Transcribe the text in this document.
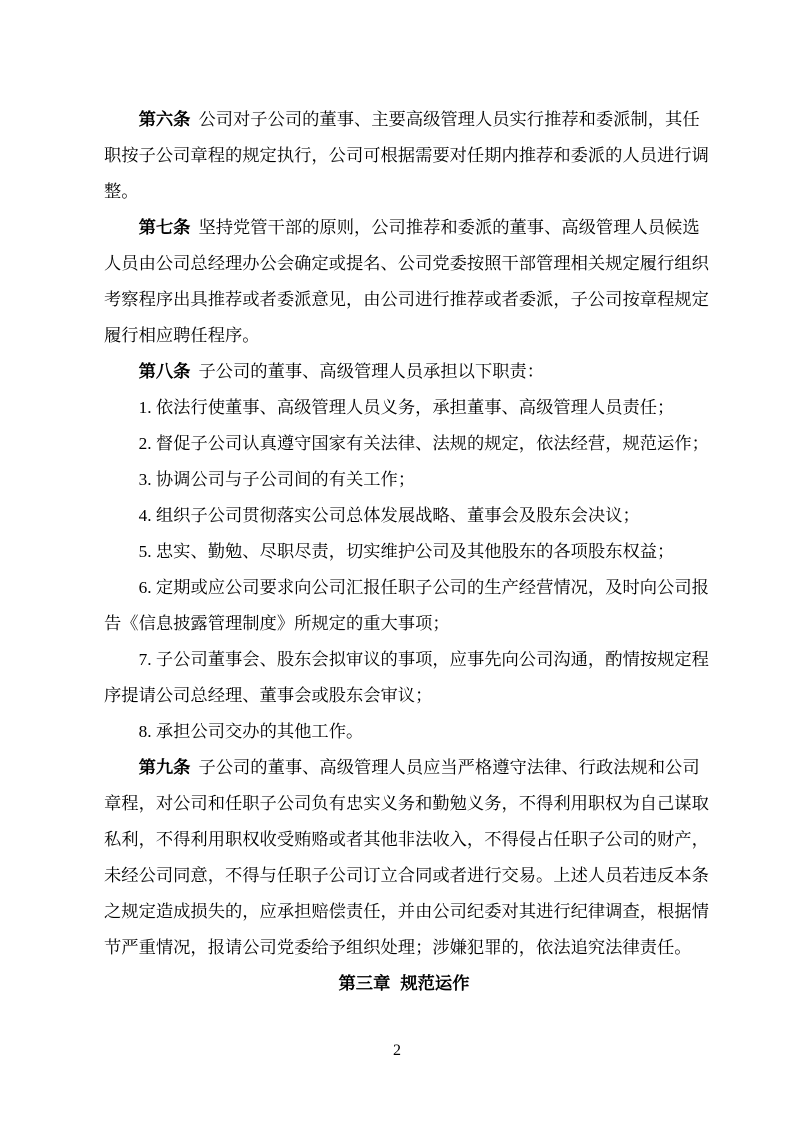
第六条 公司对子公司的董事、主要高级管理人员实行推荐和委派制，其任

职按子公司章程的规定执行，公司可根据需要对任期内推荐和委派的人员进行调

整。

第七条 坚持党管干部的原则，公司推荐和委派的董事、高级管理人员候选

人员由公司总经理办公会确定或提名、公司党委按照干部管理相关规定履行组织

考察程序出具推荐或者委派意见，由公司进行推荐或者委派，子公司按章程规定

履行相应聘任程序。

第八条 子公司的董事、高级管理人员承担以下职责：

1. 依法行使董事、高级管理人员义务，承担董事、高级管理人员责任；

2. 督促子公司认真遵守国家有关法律、法规的规定，依法经营，规范运作；

3. 协调公司与子公司间的有关工作；

4. 组织子公司贯彻落实公司总体发展战略、董事会及股东会决议；

5. 忠实、勤勉、尽职尽责，切实维护公司及其他股东的各项股东权益；

6. 定期或应公司要求向公司汇报任职子公司的生产经营情况，及时向公司报

告《信息披露管理制度》所规定的重大事项；

7. 子公司董事会、股东会拟审议的事项，应事先向公司沟通，酌情按规定程

序提请公司总经理、董事会或股东会审议；

8. 承担公司交办的其他工作。

第九条 子公司的董事、高级管理人员应当严格遵守法律、行政法规和公司

章程，对公司和任职子公司负有忠实义务和勤勉义务，不得利用职权为自己谋取

私利，不得利用职权收受贿赂或者其他非法收入，不得侵占任职子公司的财产，

未经公司同意，不得与任职子公司订立合同或者进行交易。上述人员若违反本条

之规定造成损失的，应承担赔偿责任，并由公司纪委对其进行纪律调查，根据情

节严重情况，报请公司党委给予组织处理；涉嫌犯罪的，依法追究法律责任。

第三章 规范运作

2
